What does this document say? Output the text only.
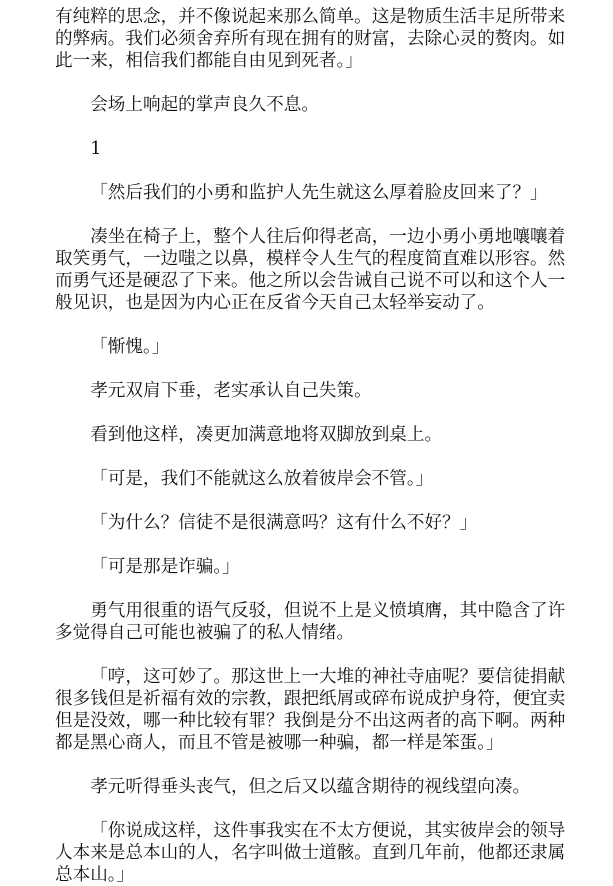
有纯粹的思念，并不像说起来那么简单。这是物质生活丰足所带来的弊病。我们必须舍弃所有现在拥有的财富，去除心灵的赘肉。如此一来，相信我们都能自由见到死者。」

会场上响起的掌声良久不息。

1

「然后我们的小勇和监护人先生就这么厚着脸皮回来了？」

凑坐在椅子上，整个人往后仰得老高，一边小勇小勇地嚷嚷着取笑勇气，一边嗤之以鼻，模样令人生气的程度简直难以形容。然而勇气还是硬忍了下来。他之所以会告诫自己说不可以和这个人一般见识，也是因为内心正在反省今天自己太轻举妄动了。

「惭愧。」

孝元双肩下垂，老实承认自己失策。

看到他这样，凑更加满意地将双脚放到桌上。

「可是，我们不能就这么放着彼岸会不管。」

「为什么？信徒不是很满意吗？这有什么不好？」

「可是那是诈骗。」

勇气用很重的语气反驳，但说不上是义愤填膺，其中隐含了许多觉得自己可能也被骗了的私人情绪。

「哼，这可妙了。那这世上一大堆的神社寺庙呢？要信徒捐献很多钱但是祈福有效的宗教，跟把纸屑或碎布说成护身符，便宜卖但是没效，哪一种比较有罪？我倒是分不出这两者的高下啊。两种都是黑心商人，而且不管是被哪一种骗，都一样是笨蛋。」

孝元听得垂头丧气，但之后又以蕴含期待的视线望向凑。

「你说成这样，这件事我实在不太方便说，其实彼岸会的领导人本来是总本山的人，名字叫做士道骸。直到几年前，他都还隶属总本山。」
